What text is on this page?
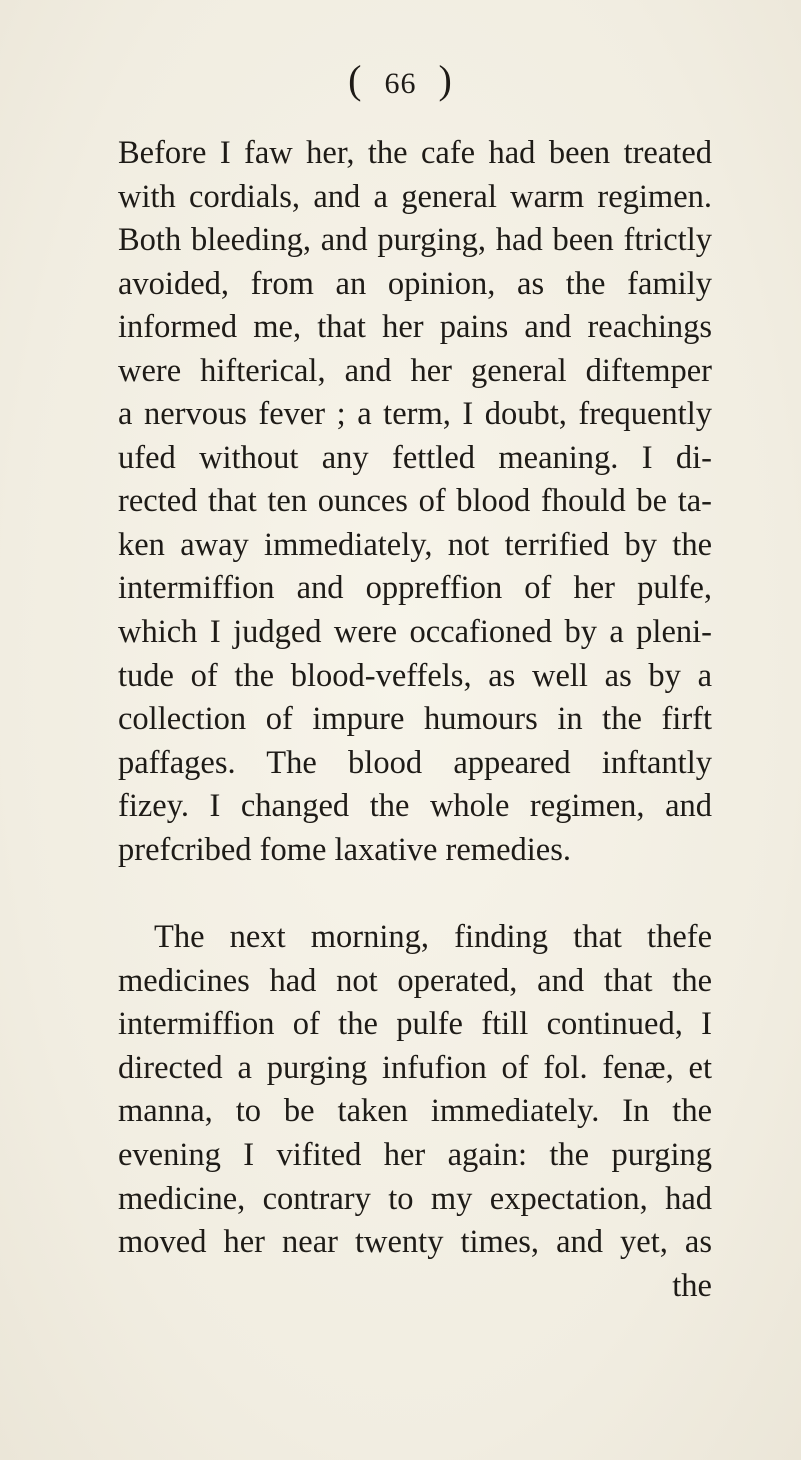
( 66 )
Before I faw her, the cafe had been treated
with cordials, and a general warm regimen.
Both bleeding, and purging, had been ftrictly
avoided, from an opinion, as the family
informed me, that her pains and reachings
were hifterical, and her general diftemper
a nervous fever ; a term, I doubt, frequently
ufed without any fettled meaning. I di-
rected that ten ounces of blood fhould be ta-
ken away immediately, not terrified by the
intermiffion and oppreffion of her pulfe,
which I judged were occafioned by a pleni-
tude of the blood-veffels, as well as by a
collection of impure humours in the firft
paffages. The blood appeared inftantly
fizey. I changed the whole regimen, and
prefcribed fome laxative remedies.
The next morning, finding that thefe
medicines had not operated, and that the
intermiffion of the pulfe ftill continued, I
directed a purging infufion of fol. fenæ, et
manna, to be taken immediately. In the
evening I vifited her again: the purging
medicine, contrary to my expectation, had
moved her near twenty times, and yet, as
the
